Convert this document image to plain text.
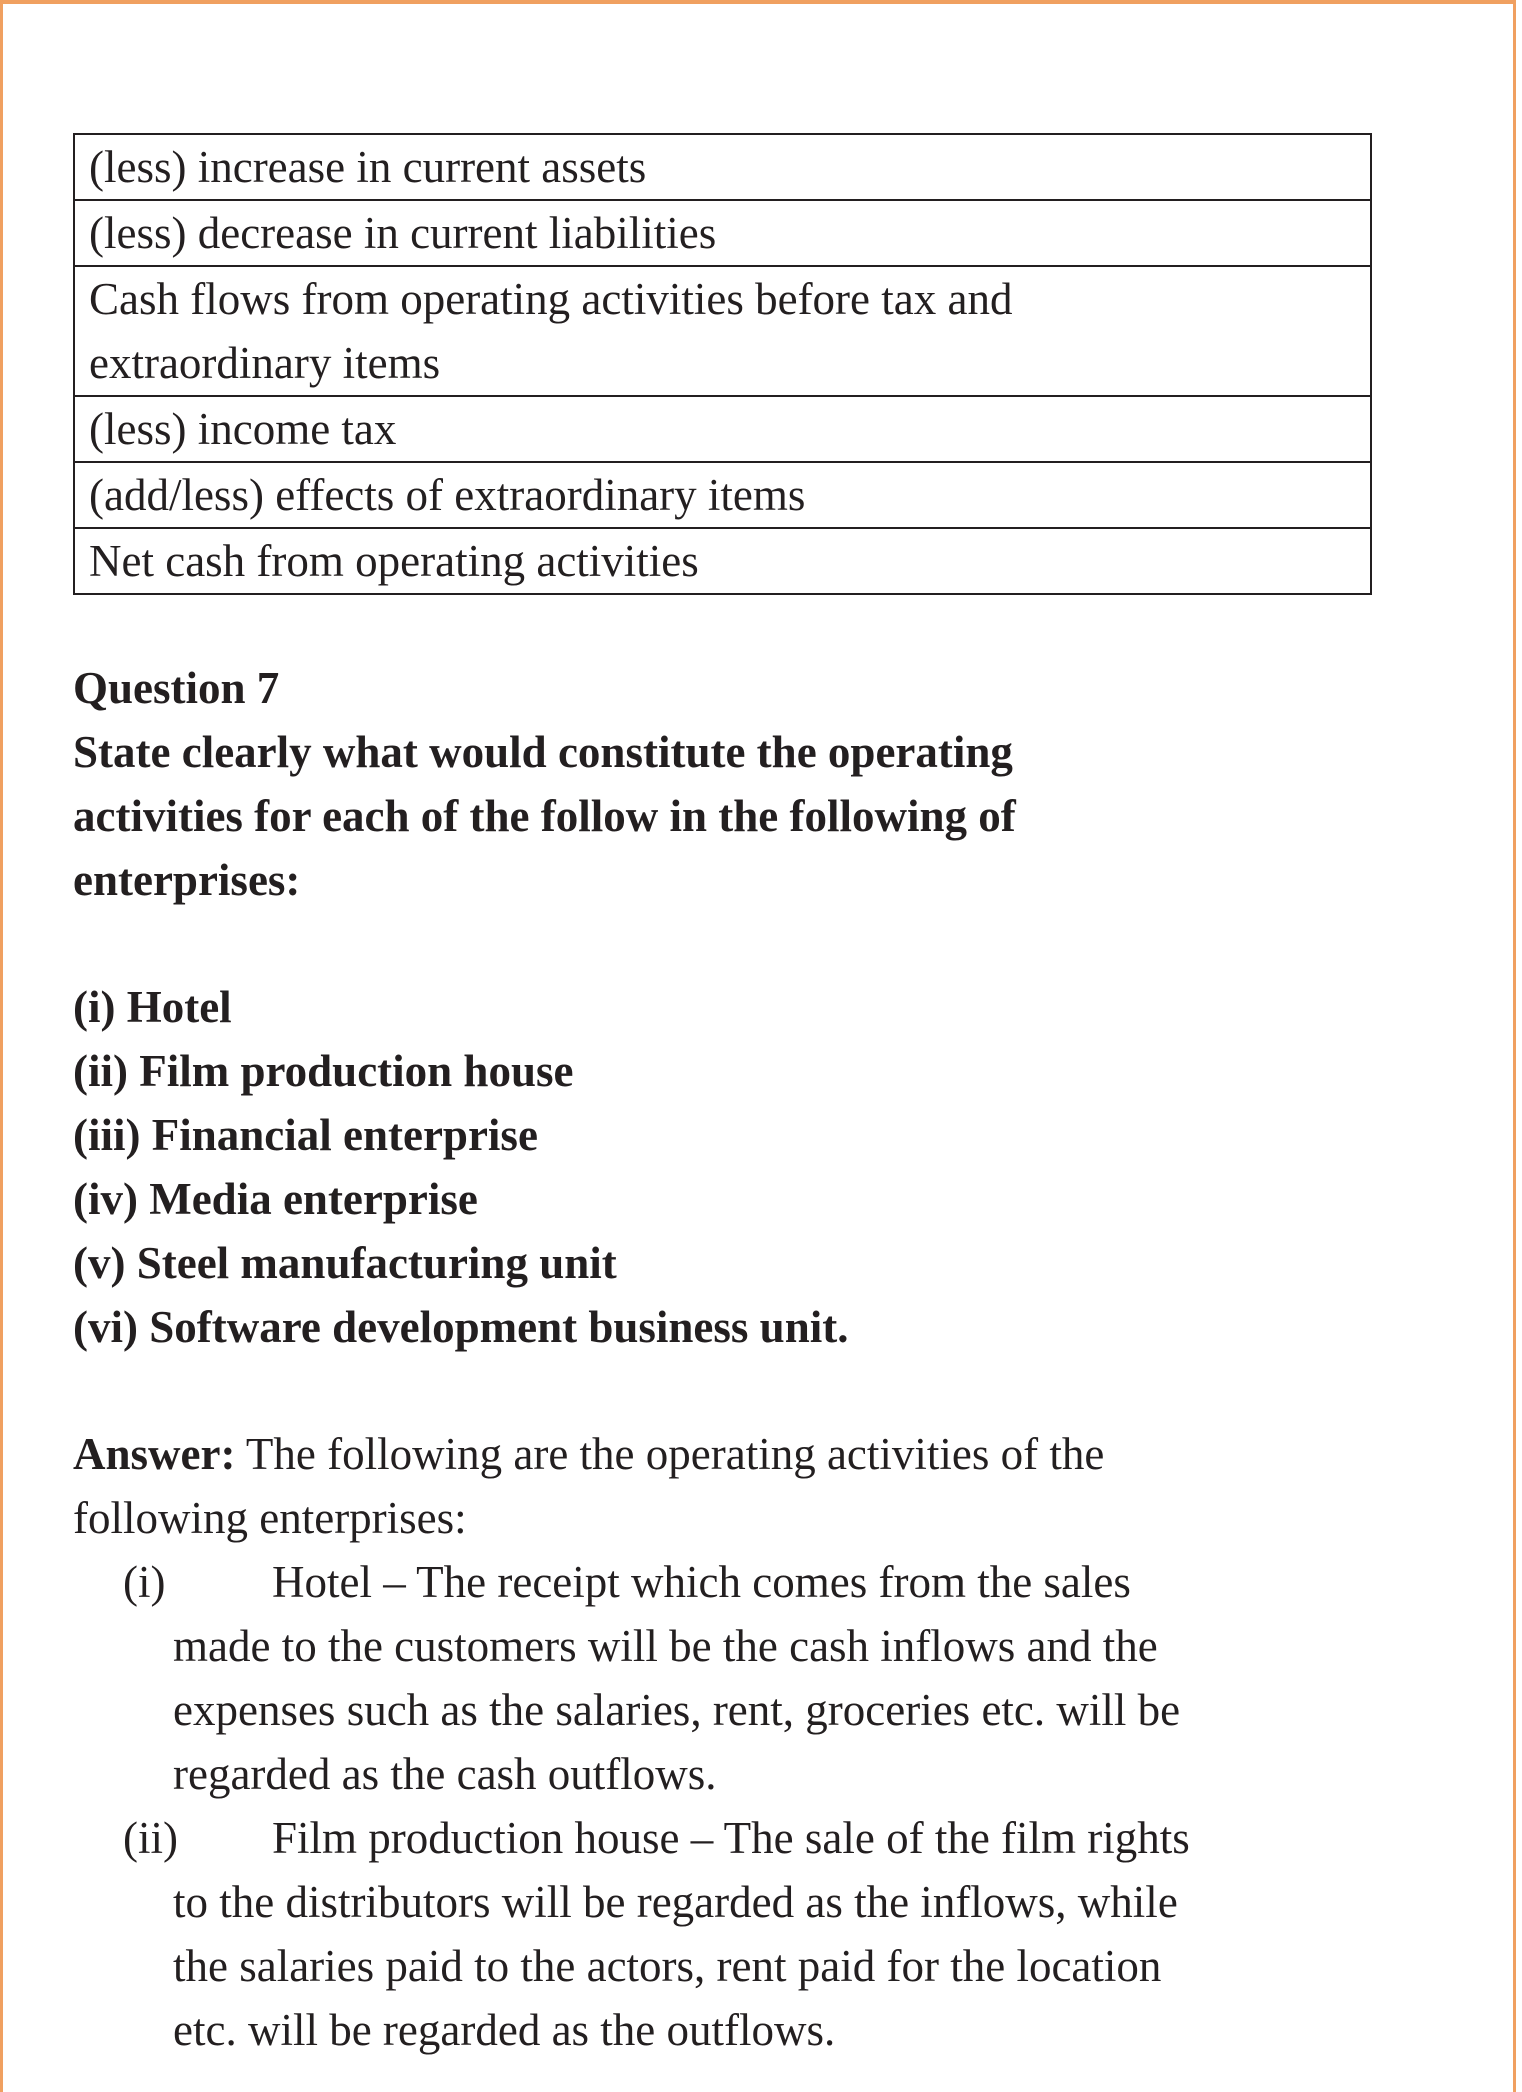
(less) increase in current assets
(less) decrease in current liabilities

Cash flows from operating activities before tax and extraordinary items

(less) income tax
(add/less) effects of extraordinary items
Net cash from operating activities
Question 7
State clearly what would constitute the operating
activities for each of the follow in the following of
enterprises:
(i) Hotel
(ii) Film production house
(iii) Financial enterprise
(iv) Media enterprise
(v) Steel manufacturing unit
(vi) Software development business unit.
Answer: The following are the operating activities of the
following enterprises:
(i) Hotel – The receipt which comes from the sales
made to the customers will be the cash inflows and the
expenses such as the salaries, rent, groceries etc. will be
regarded as the cash outflows.
(ii) Film production house – The sale of the film rights
to the distributors will be regarded as the inflows, while
the salaries paid to the actors, rent paid for the location
etc. will be regarded as the outflows.
